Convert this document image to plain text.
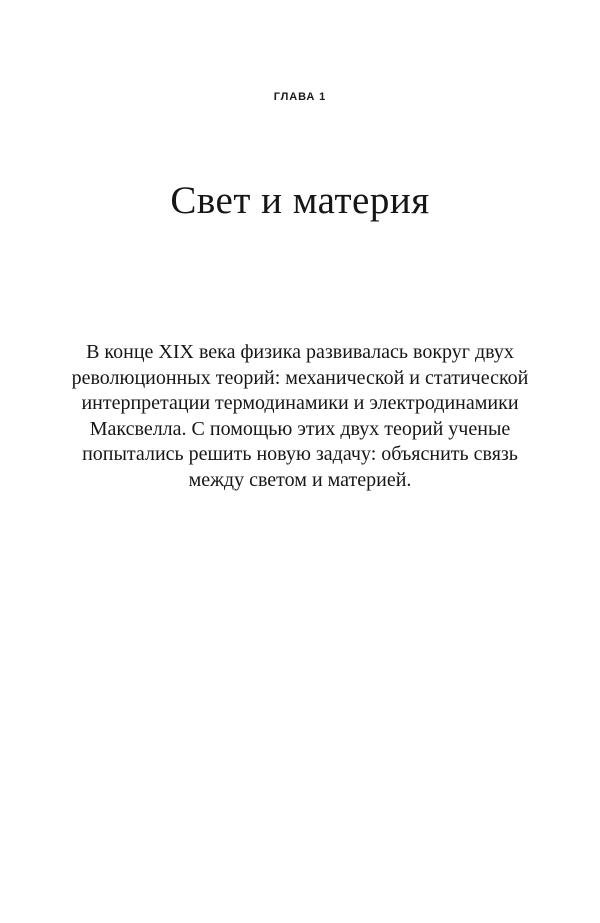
ГЛАВА 1
Свет и материя
В конце XIX века физика развивалась вокруг двух
революционных теорий: механической и статической
интерпретации термодинамики и электродинамики
Максвелла. С помощью этих двух теорий ученые
попытались решить новую задачу: объяснить связь
между светом и материей.
